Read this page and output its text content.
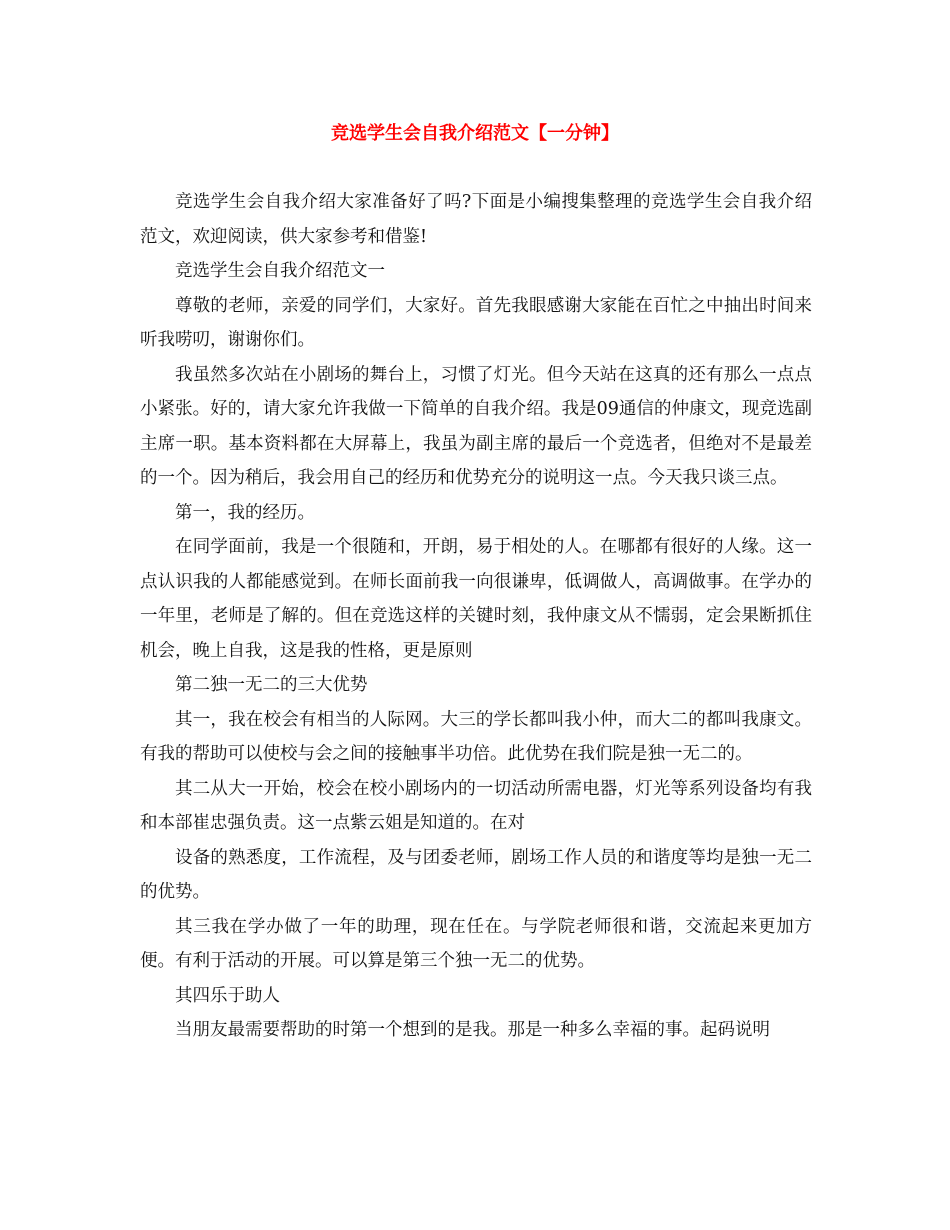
竞选学生会自我介绍范文【一分钟】

竞选学生会自我介绍大家准备好了吗?下面是小编搜集整理的竞选学生会自我介绍范文，欢迎阅读，供大家参考和借鉴!

竞选学生会自我介绍范文一

尊敬的老师，亲爱的同学们，大家好。首先我眼感谢大家能在百忙之中抽出时间来听我唠叨，谢谢你们。

我虽然多次站在小剧场的舞台上，习惯了灯光。但今天站在这真的还有那么一点点小紧张。好的，请大家允许我做一下简单的自我介绍。我是09通信的仲康文，现竞选副主席一职。基本资料都在大屏幕上，我虽为副主席的最后一个竞选者，但绝对不是最差的一个。因为稍后，我会用自己的经历和优势充分的说明这一点。今天我只谈三点。

第一，我的经历。

在同学面前，我是一个很随和，开朗，易于相处的人。在哪都有很好的人缘。这一点认识我的人都能感觉到。在师长面前我一向很谦卑，低调做人，高调做事。在学办的一年里，老师是了解的。但在竞选这样的关键时刻，我仲康文从不懦弱，定会果断抓住机会，晚上自我，这是我的性格，更是原则

第二独一无二的三大优势

其一，我在校会有相当的人际网。大三的学长都叫我小仲，而大二的都叫我康文。有我的帮助可以使校与会之间的接触事半功倍。此优势在我们院是独一无二的。

其二从大一开始，校会在校小剧场内的一切活动所需电器，灯光等系列设备均有我和本部崔忠强负责。这一点紫云姐是知道的。在对

设备的熟悉度，工作流程，及与团委老师，剧场工作人员的和谐度等均是独一无二的优势。

其三我在学办做了一年的助理，现在任在。与学院老师很和谐，交流起来更加方便。有利于活动的开展。可以算是第三个独一无二的优势。

其四乐于助人

当朋友最需要帮助的时第一个想到的是我。那是一种多么幸福的事。起码说明
